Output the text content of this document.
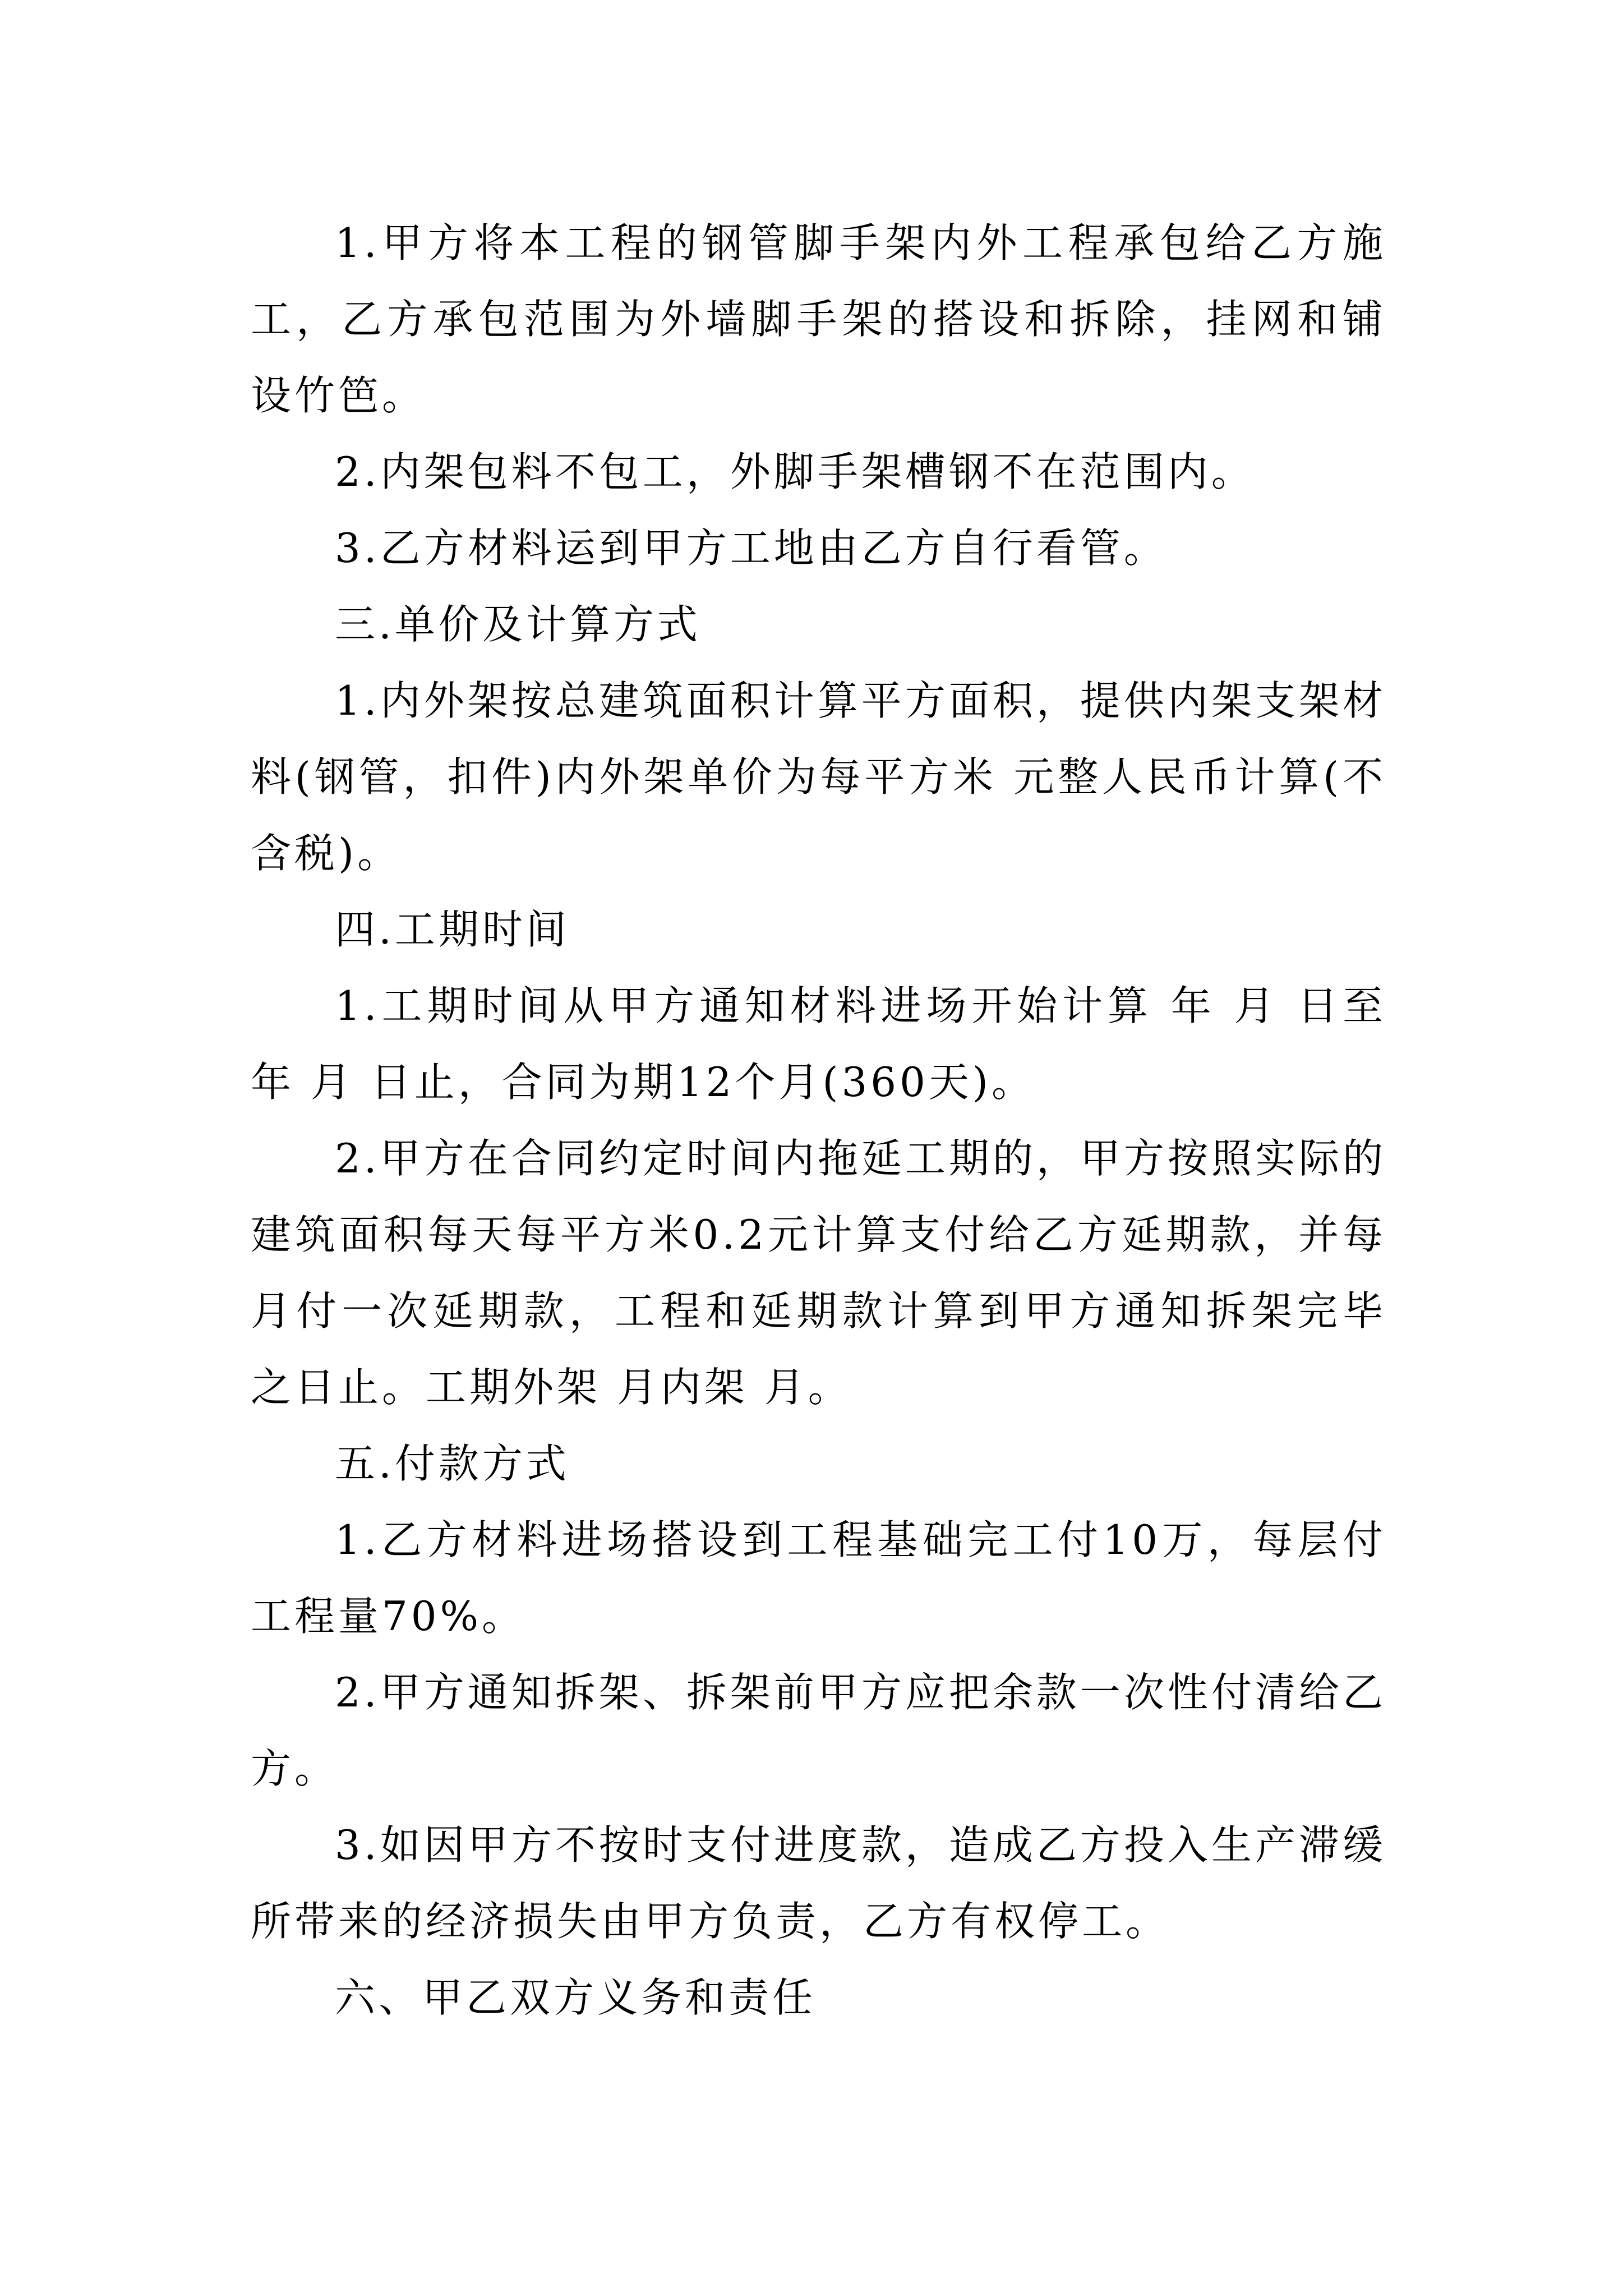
1.甲方将本工程的钢管脚手架内外工程承包给乙方施工，乙方承包范围为外墙脚手架的搭设和拆除，挂网和铺设竹笆。

2.内架包料不包工，外脚手架槽钢不在范围内。

3.乙方材料运到甲方工地由乙方自行看管。

三.单价及计算方式

1.内外架按总建筑面积计算平方面积，提供内架支架材料(钢管，扣件)内外架单价为每平方米 元整人民币计算(不含税)。

四.工期时间

1.工期时间从甲方通知材料进场开始计算 年 月 日至 年 月 日止，合同为期12个月(360天)。

2.甲方在合同约定时间内拖延工期的，甲方按照实际的建筑面积每天每平方米0.2元计算支付给乙方延期款，并每月付一次延期款，工程和延期款计算到甲方通知拆架完毕之日止。工期外架 月内架 月。

五.付款方式

1.乙方材料进场搭设到工程基础完工付10万，每层付工程量70%。

2.甲方通知拆架、拆架前甲方应把余款一次性付清给乙方。

3.如因甲方不按时支付进度款，造成乙方投入生产滞缓所带来的经济损失由甲方负责，乙方有权停工。

六、甲乙双方义务和责任
